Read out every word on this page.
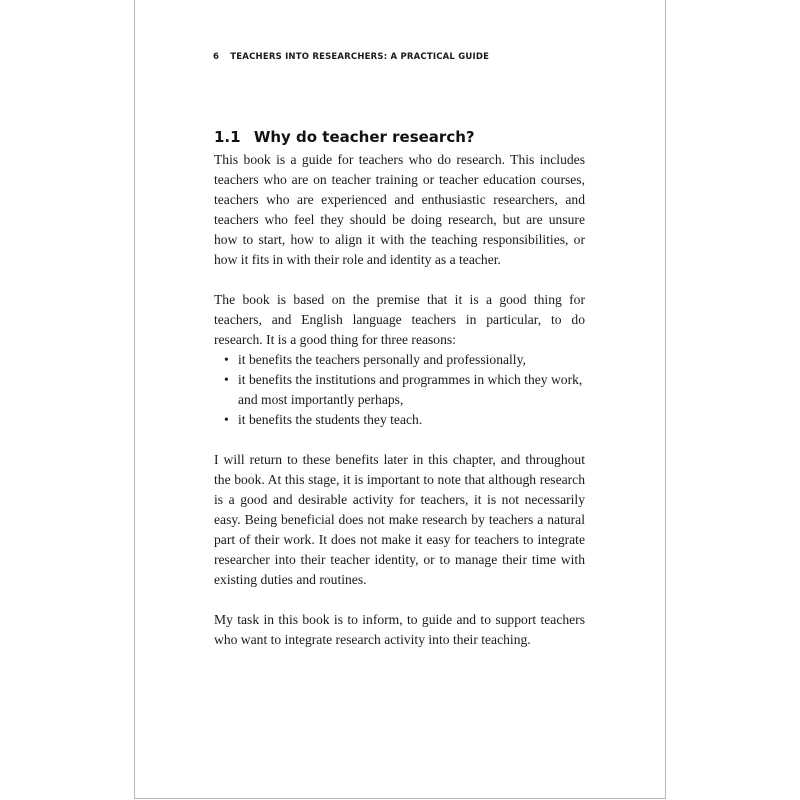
6 TEACHERS INTO RESEARCHERS: A PRACTICAL GUIDE
1.1 Why do teacher research?

This book is a guide for teachers who do research. This includes teachers who are on teacher training or teacher education courses, teachers who are experienced and enthusiastic researchers, and teachers who feel they should be doing research, but are unsure how to start, how to align it with the teaching responsibilities, or how it fits in with their role and identity as a teacher.

The book is based on the premise that it is a good thing for teachers, and English language teachers in particular, to do research. It is a good thing for three reasons:

• it benefits the teachers personally and professionally,
• it benefits the institutions and programmes in which they work, and most importantly perhaps,
• it benefits the students they teach.

I will return to these benefits later in this chapter, and throughout the book. At this stage, it is important to note that although research is a good and desirable activity for teachers, it is not necessarily easy. Being beneficial does not make research by teachers a natural part of their work. It does not make it easy for teachers to integrate researcher into their teacher identity, or to manage their time with existing duties and routines.

My task in this book is to inform, to guide and to support teachers who want to integrate research activity into their teaching.
